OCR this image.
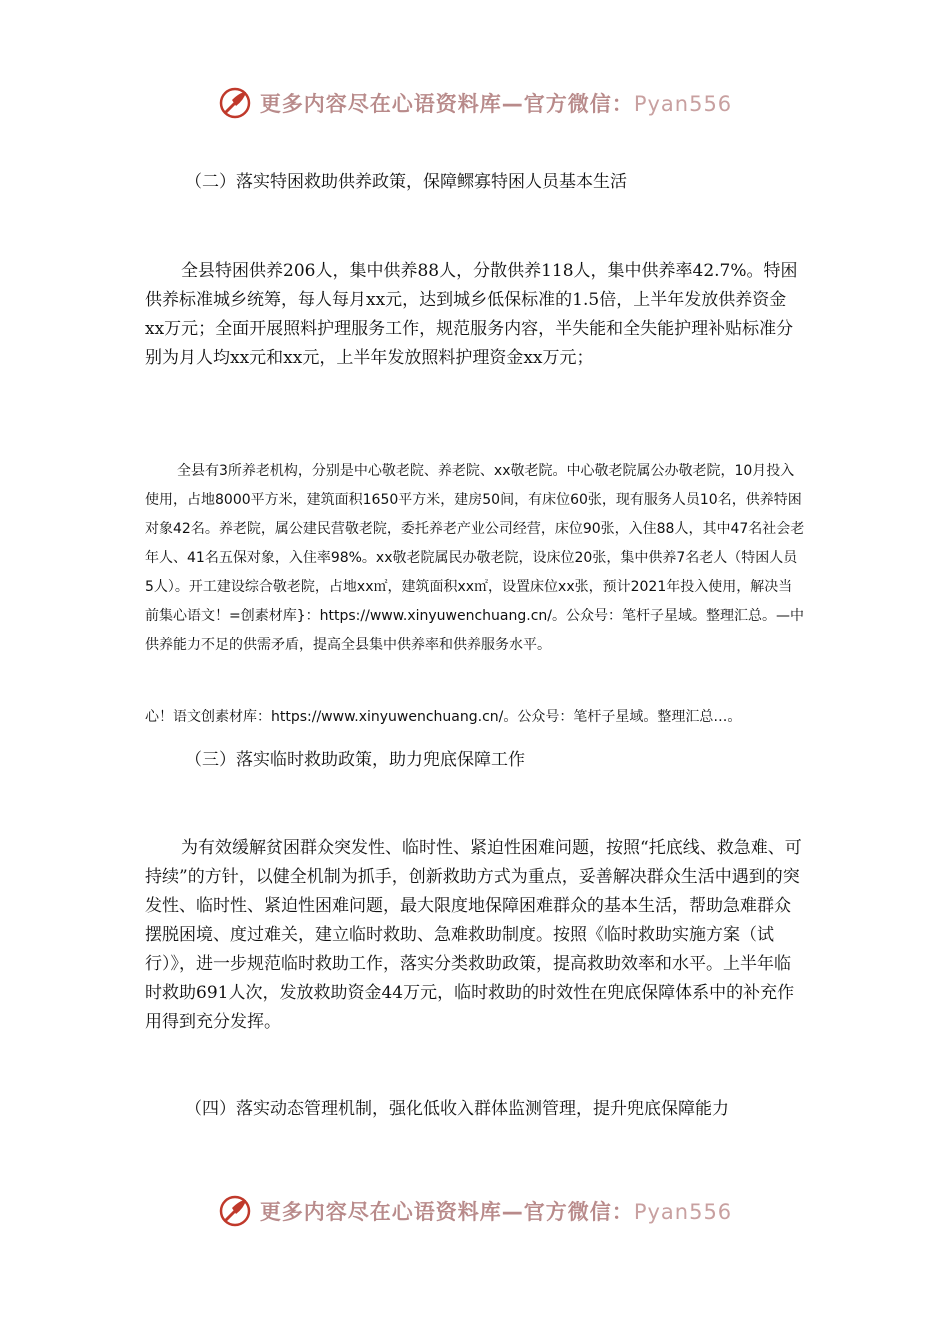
更多内容尽在心语资料库—官方微信：Pyan556

（二）落实特困救助供养政策，保障鳏寡特困人员基本生活

全县特困供养206人，集中供养88人，分散供养118人，集中供养率42.7%。特困供养标准城乡统筹，每人每月xx元，达到城乡低保标准的1.5倍，上半年发放供养资金xx万元；全面开展照料护理服务工作，规范服务内容，半失能和全失能护理补贴标准分别为月人均xx元和xx元，上半年发放照料护理资金xx万元；

全县有3所养老机构，分别是中心敬老院、养老院、xx敬老院。中心敬老院属公办敬老院，10月投入使用，占地8000平方米，建筑面积1650平方米，建房50间，有床位60张，现有服务人员10名，供养特困对象42名。养老院，属公建民营敬老院，委托养老产业公司经营，床位90张，入住88人，其中47名社会老年人、41名五保对象，入住率98%。xx敬老院属民办敬老院，设床位20张，集中供养7名老人（特困人员5人）。开工建设综合敬老院，占地xx㎡，建筑面积xx㎡，设置床位xx张，预计2021年投入使用，解决当前集心语文！=创素材库}：https://www.xinyuwenchuang.cn/。公众号：笔杆子星域。整理汇总。—中供养能力不足的供需矛盾，提高全县集中供养率和供养服务水平。

心！语文创素材库：https://www.xinyuwenchuang.cn/。公众号：笔杆子星域。整理汇总…。

（三）落实临时救助政策，助力兜底保障工作

为有效缓解贫困群众突发性、临时性、紧迫性困难问题，按照“托底线、救急难、可持续”的方针，以健全机制为抓手，创新救助方式为重点，妥善解决群众生活中遇到的突发性、临时性、紧迫性困难问题，最大限度地保障困难群众的基本生活，帮助急难群众摆脱困境、度过难关，建立临时救助、急难救助制度。按照《临时救助实施方案（试行）》，进一步规范临时救助工作，落实分类救助政策，提高救助效率和水平。上半年临时救助691人次，发放救助资金44万元，临时救助的时效性在兜底保障体系中的补充作用得到充分发挥。

（四）落实动态管理机制，强化低收入群体监测管理，提升兜底保障能力

更多内容尽在心语资料库—官方微信：Pyan556
